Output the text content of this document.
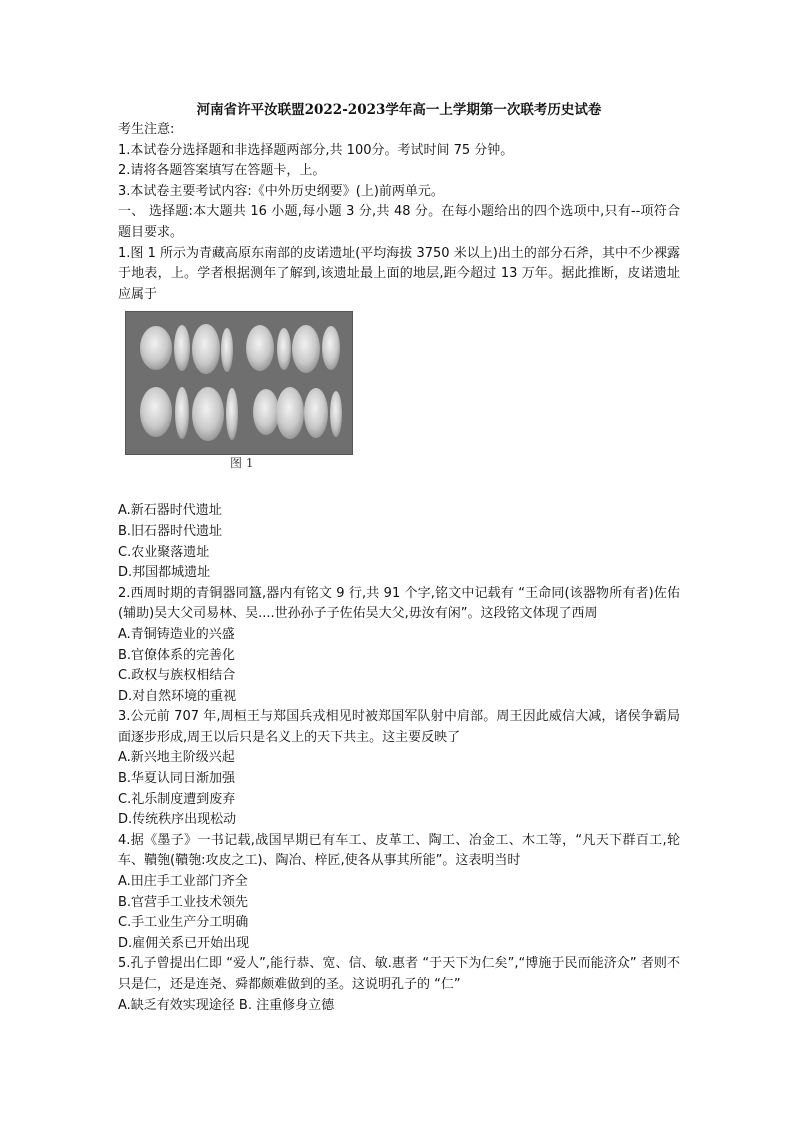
河南省许平汝联盟2022-2023学年高一上学期第一次联考历史试卷

考生注意:

1.本试卷分选择题和非选择题两部分,共 100分。考试时间 75 分钟。

2.请将各题答案填写在答题卡，上。

3.本试卷主要考试内容:《中外历史纲要》(上)前两单元。

一、 选择题:本大题共 16 小题,每小题 3 分,共 48 分。在每小题给出的四个选项中,只有--项符合题目要求。

1.图 1 所示为青藏高原东南部的皮诺遗址(平均海拔 3750 米以上)出土的部分石斧，其中不少裸露于地表，上。学者根据测年了解到,该遗址最上面的地层,距今超过 13 万年。据此推断，皮诺遗址应属于

图 1

A.新石器时代遗址

B.旧石器时代遗址

C.农业聚落遗址

D.邦国都城遗址

2.西周时期的青铜器同簋,器内有铭文 9 行,共 91 个字,铭文中记载有 “王命同(该器物所有者)佐佑(辅助)吴大父司易林、吴....世孙孙子子佐佑吴大父,毋汝有闲”。这段铭文体现了西周

A.青铜铸造业的兴盛

B.官僚体系的完善化

C.政权与族权相结合

D.对自然环境的重视

3.公元前 707 年,周桓王与郑国兵戎相见时被郑国军队射中肩部。周王因此威信大减，诸侯争霸局面逐步形成,周王以后只是名义上的天下共主。这主要反映了

A.新兴地主阶级兴起

B.华夏认同日渐加强

C.礼乐制度遭到废弃

D.传统秩序出现松动

4.据《墨子》一书记载,战国早期已有车工、皮革工、陶工、冶金工、木工等，“凡天下群百工,轮车、鞼匏(鞼匏:攻皮之工)、陶冶、梓匠,使各从事其所能”。这表明当时

A.田庄手工业部门齐全

B.官营手工业技术领先

C.手工业生产分工明确

D.雇佣关系已开始出现

5.孔子曾提出仁即 “爱人”,能行恭、宽、信、敏.惠者 “于天下为仁矣”,“博施于民而能济众” 者则不只是仁，还是连尧、舜都颇难做到的圣。这说明孔子的 “仁”

A.缺乏有效实现途径 B. 注重修身立德
